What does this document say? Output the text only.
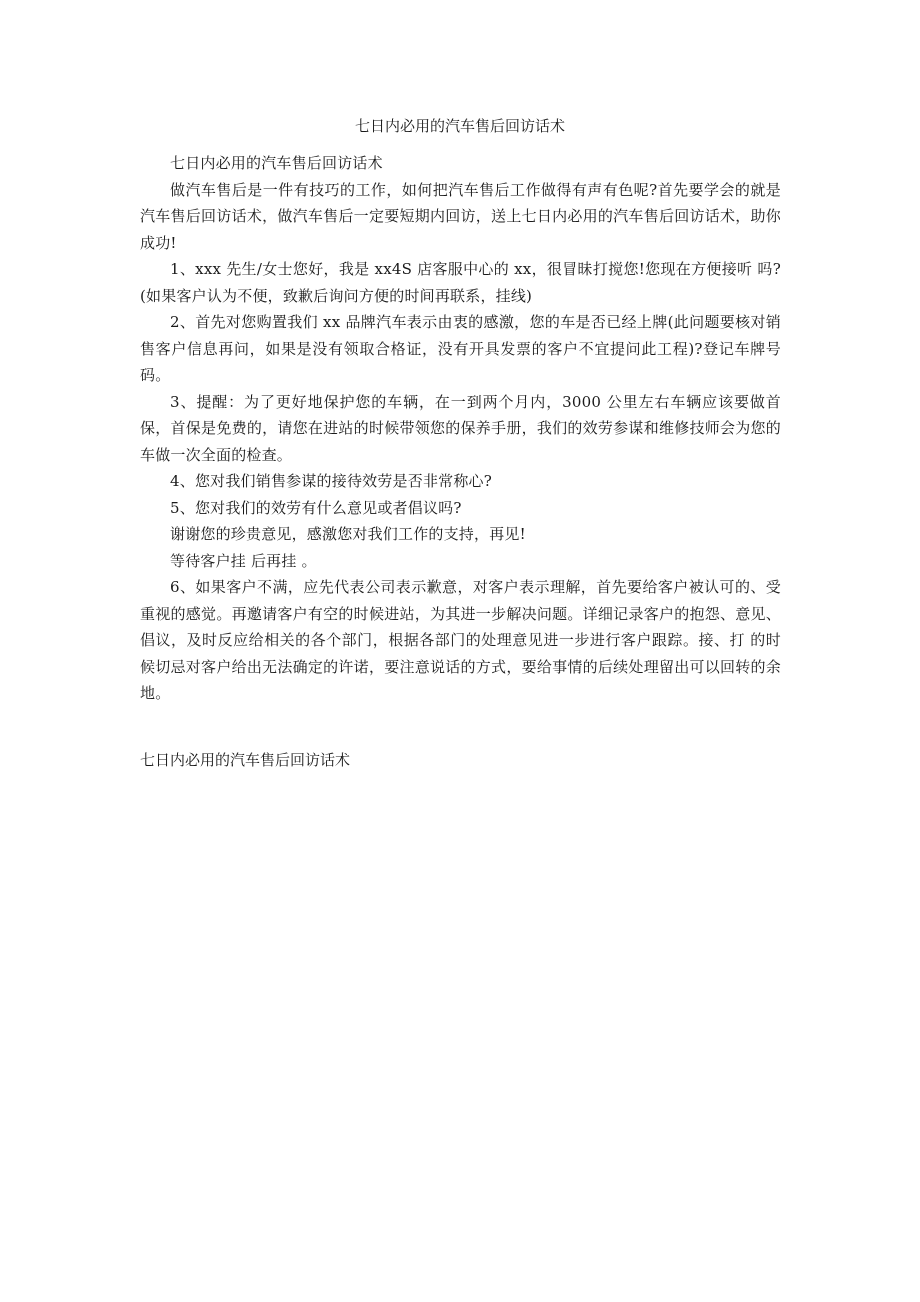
七日内必用的汽车售后回访话术

七日内必用的汽车售后回访话术

做汽车售后是一件有技巧的工作，如何把汽车售后工作做得有声有色呢?首先要学会的就是汽车售后回访话术，做汽车售后一定要短期内回访，送上七日内必用的汽车售后回访话术，助你成功!

1、xxx 先生/女士您好，我是 xx4S 店客服中心的 xx，很冒昧打搅您!您现在方便接听 吗?(如果客户认为不便，致歉后询问方便的时间再联系，挂线)

2、首先对您购置我们 xx 品牌汽车表示由衷的感激，您的车是否已经上牌(此问题要核对销售客户信息再问，如果是没有领取合格证，没有开具发票的客户不宜提问此工程)?登记车牌号码。

3、提醒：为了更好地保护您的车辆，在一到两个月内，3000 公里左右车辆应该要做首保，首保是免费的，请您在进站的时候带领您的保养手册，我们的效劳参谋和维修技师会为您的车做一次全面的检查。

4、您对我们销售参谋的接待效劳是否非常称心?

5、您对我们的效劳有什么意见或者倡议吗?

谢谢您的珍贵意见，感激您对我们工作的支持，再见!

等待客户挂 后再挂 。

6、如果客户不满，应先代表公司表示歉意，对客户表示理解，首先要给客户被认可的、受重视的感觉。再邀请客户有空的时候进站，为其进一步解决问题。详细记录客户的抱怨、意见、倡议，及时反应给相关的各个部门，根据各部门的处理意见进一步进行客户跟踪。接、打 的时候切忌对客户给出无法确定的许诺，要注意说话的方式，要给事情的后续处理留出可以回转的余地。

七日内必用的汽车售后回访话术
